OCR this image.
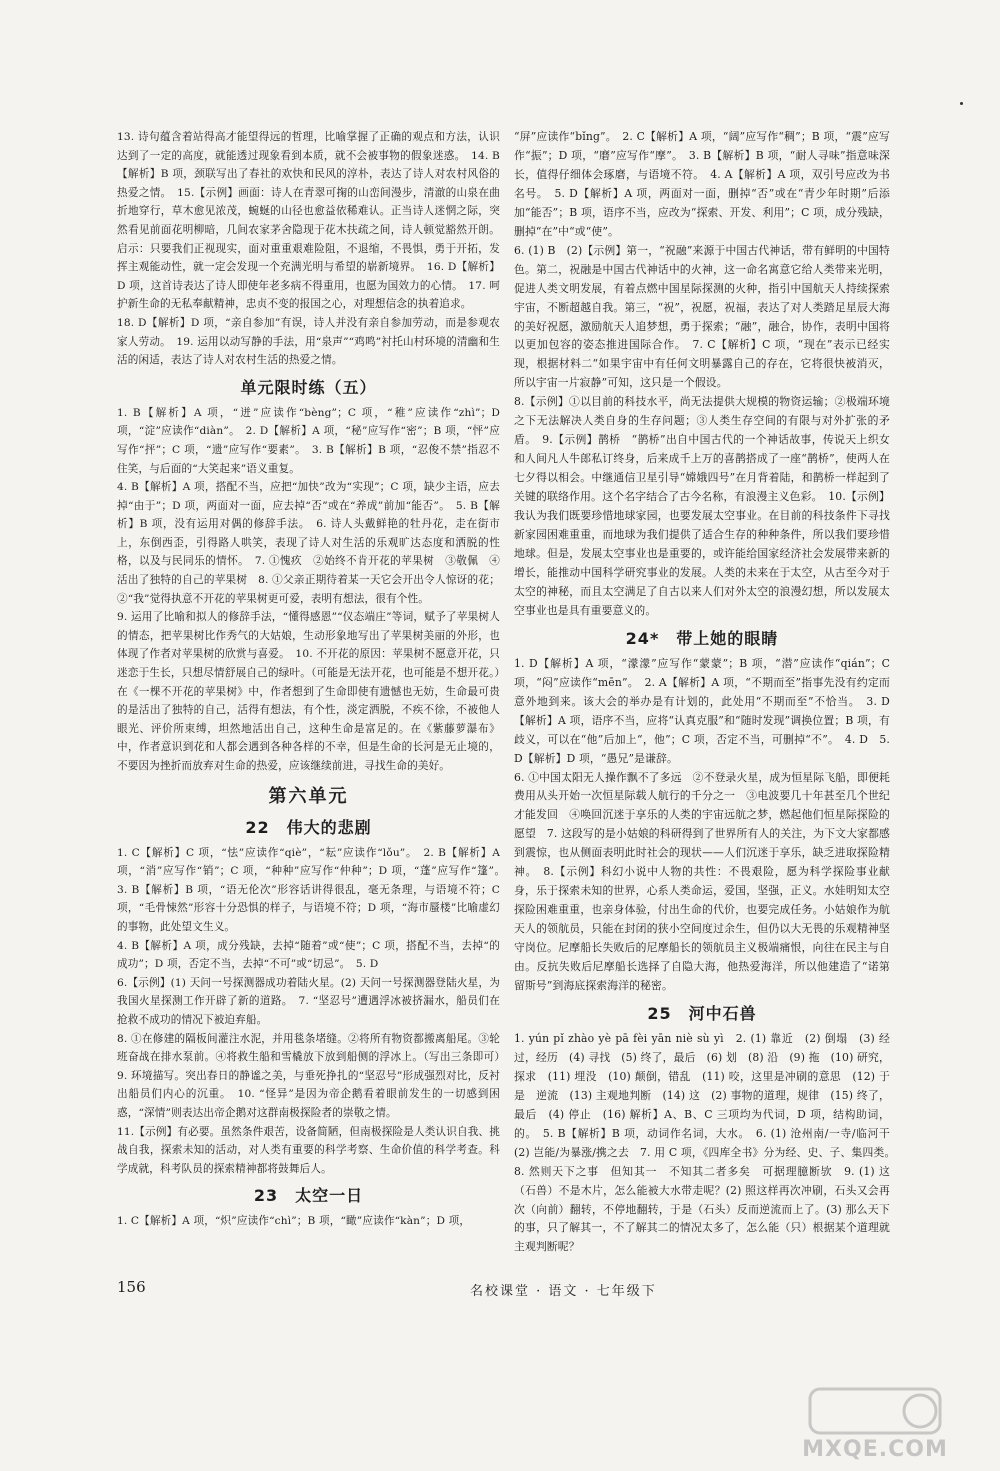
13. 诗句蕴含着站得高才能望得远的哲理，比喻掌握了正确的观点和方法，认识达到了一定的高度，就能透过现象看到本质，就不会被事物的假象迷惑。　14. B【解析】B 项，颈联写出了春社的欢快和民风的淳朴，表达了诗人对农村风俗的热爱之情。　15.【示例】画面：诗人在青翠可掬的山峦间漫步，清澈的山泉在曲折地穿行，草木愈见浓茂，蜿蜒的山径也愈益依稀难认。正当诗人迷惘之际，突然看见前面花明柳暗，几间农家茅舍隐现于花木扶疏之间，诗人顿觉豁然开朗。启示：只要我们正视现实，面对重重艰难险阻，不退缩，不畏惧，勇于开拓，发挥主观能动性，就一定会发现一个充满光明与希望的崭新境界。　16. D【解析】D 项，这首诗表达了诗人即使年老多病不得重用，也愿为国效力的心情。　17. 呵护新生命的无私奉献精神，忠贞不变的报国之心，对理想信念的执着追求。

18. D【解析】D 项，“亲自参加”有误，诗人并没有亲自参加劳动，而是参观农家人劳动。　19. 运用以动写静的手法，用“泉声”“鸡鸣”衬托山村环境的清幽和生活的闲适，表达了诗人对农村生活的热爱之情。

单元限时练（五）

1. B【解析】A 项，“迸”应读作“bèng”；C 项，“稚”应读作“zhì”；D 项，“淀”应读作“diàn”。　2. D【解析】A 项，“秘”应写作“密”；B 项，“怦”应写作“抨”；C 项，“遗”应写作“要素”。　3. B【解析】B 项，“忍俊不禁”指忍不住笑，与后面的“大笑起来”语义重复。

4. B【解析】A 项，搭配不当，应把“加快”改为“实现”；C 项，缺少主语，应去掉“由于”；D 项，两面对一面，应去掉“否”或在“养成”前加“能否”。　5. B【解析】B 项，没有运用对偶的修辞手法。　6. 诗人头戴鲜艳的牡丹花，走在街市上，东倒西歪，引得路人哄笑，表现了诗人对生活的乐观旷达态度和洒脱的性格，以及与民同乐的情怀。　7. ①愧疚　②始终不肯开花的苹果树　③敬佩　④活出了独特的自己的苹果树　8. ①父亲正期待着某一天它会开出令人惊讶的花；②“我”觉得执意不开花的苹果树更可爱，表明有想法，很有个性。

9. 运用了比喻和拟人的修辞手法，“懂得感恩”“仪态端庄”等词，赋予了苹果树人的情态，把苹果树比作秀气的大姑娘，生动形象地写出了苹果树美丽的外形，也体现了作者对苹果树的欣赏与喜爱。　10. 不开花的原因：苹果树不愿意开花，只迷恋于生长，只想尽情舒展自己的绿叶。（可能是无法开花，也可能是不想开花。）在《一棵不开花的苹果树》中，作者想到了生命即使有遗憾也无妨，生命最可贵的是活出了独特的自己，活得有想法，有个性，淡定洒脱，不疾不徐，不被他人眼光、评价所束缚，坦然地活出自己，这种生命是富足的。在《紫藤萝瀑布》中，作者意识到花和人都会遇到各种各样的不幸，但是生命的长河是无止境的，不要因为挫折而放弃对生命的热爱，应该继续前进，寻找生命的美好。

第六单元
22　伟大的悲剧

1. C【解析】C 项，“怯”应读作“qiè”，“耘”应读作“lǒu”。　2. B【解析】A 项，“消”应写作“销”；C 项，“种种”应写作“仲种”；D 项，“蓬”应写作“篷”。　3. B【解析】B 项，“语无伦次”形容话讲得很乱，毫无条理，与语境不符；C 项，“毛骨悚然”形容十分恐惧的样子，与语境不符；D 项，“海市蜃楼”比喻虚幻的事物，此处望文生义。

4. B【解析】A 项，成分残缺，去掉“随着”或“使”；C 项，搭配不当，去掉“的成功”；D 项，否定不当，去掉“不可”或“切忌”。　5. D

6.【示例】(1) 天问一号探测器成功着陆火星。(2) 天问一号探测器登陆火星，为我国火星探测工作开辟了新的道路。　7. “坚忍号”遭遇浮冰被挤漏水，船员们在抢救不成功的情况下被迫弃船。

8. ①在修建的隔板间灌注水泥，并用毯条堵缝。②将所有物资都搬离船尾。③轮班奋战在排水泵前。④将救生船和雪橇放下放到船侧的浮冰上。（写出三条即可）　9. 环境描写。突出春日的静谧之美，与垂死挣扎的“坚忍号”形成强烈对比，反衬出船员们内心的沉重。　10. “怪异”是因为帝企鹅看着眼前发生的一切感到困惑，“深情”则表达出帝企鹅对这群南极探险者的崇敬之情。

11.【示例】有必要。虽然条件艰苦，设备简陋，但南极探险是人类认识自我、挑战自我，探索未知的活动，对人类有重要的科学考察、生命价值的科学考查。科学成就，科考队员的探索精神都将鼓舞后人。

23　太空一日

1. C【解析】A 项，“炽”应读作“chì”；B 项，“瞰”应读作“kàn”；D 项，

“屏”应读作“bǐng”。　2. C【解析】A 项，“阔”应写作“稠”；B 项，“震”应写作“振”；D 项，“磨”应写作“摩”。　3. B【解析】B 项，“耐人寻味”指意味深长，值得仔细体会琢磨，与语境不符。　4. A【解析】A 项，双引号应改为书名号。　5. D【解析】A 项，两面对一面，删掉“否”或在“青少年时期”后添加“能否”；B 项，语序不当，应改为“探索、开发、利用”；C 项，成分残缺，删掉“在”中“或“使”。

6. (1) B　(2)【示例】第一，“祝融”来源于中国古代神话，带有鲜明的中国特色。第二，祝融是中国古代神话中的火神，这一命名寓意它给人类带来光明，促进人类文明发展，有着点燃中国星际探测的火种，指引中国航天人持续探索宇宙，不断超越自我。第三，“祝”，祝愿，祝福，表达了对人类踏足星辰大海的美好祝愿，激励航天人追梦想，勇于探索；“融”，融合，协作，表明中国将以更加包容的姿态推进国际合作。　7. C【解析】C 项，“现在”表示已经实现，根据材料二“如果宇宙中有任何文明暴露自己的存在，它将很快被消灭，所以宇宙一片寂静”可知，这只是一个假设。

8.【示例】①以目前的科技水平，尚无法提供大规模的物资运输；②极端环境之下无法解决人类自身的生存问题；③人类生存空间的有限与对外扩张的矛盾。　9.【示例】鹊桥　“鹊桥”出自中国古代的一个神话故事，传说天上织女和人间凡人牛郎私订终身，后来成千上万的喜鹊搭成了一座“鹊桥”，使两人在七夕得以相会。中继通信卫星引导“嫦娥四号”在月背着陆，和鹊桥一样起到了关键的联络作用。这个名字结合了古今名称，有浪漫主义色彩。　10.【示例】我认为我们既要珍惜地球家园，也要发展太空事业。在目前的科技条件下寻找新家园困难重重，而地球为我们提供了适合生存的种种条件，所以我们要珍惜地球。但是，发展太空事业也是重要的，或许能给国家经济社会发展带来新的增长，能推动中国科学研究事业的发展。人类的未来在于太空，从古至今对于太空的神秘，而且太空满足了自古以来人们对外太空的浪漫幻想，所以发展太空事业也是具有重要意义的。

24*　带上她的眼睛

1. D【解析】A 项，“濛濛”应写作“蒙蒙”；B 项，“潜”应读作“qián”；C 项，“闷”应读作“mēn”。　2. A【解析】A 项，“不期而至”指事先没有约定而意外地到来。该大会的举办是有计划的，此处用“不期而至”不恰当。　3. D【解析】A 项，语序不当，应将“认真克服”和“随时发现”调换位置；B 项，有歧义，可以在“他”后加上“，他”；C 项，否定不当，可删掉“不”。　4. D　5. D【解析】D 项，“愚兄”是谦辞。

6. ①中国太阳无人操作飘不了多远　②不登录火星，成为恒星际飞船，即便耗费用从头开始一次恒星际载人航行的千分之一　③电波要几十年甚至几个世纪才能发回　④唤回沉迷于享乐的人类的宇宙远航之梦，燃起他们恒星际探险的愿望　7. 这段写的是小姑娘的科研得到了世界所有人的关注，为下文大家都感到震惊，也从侧面表明此时社会的现状——人们沉迷于享乐，缺乏进取探险精神。　8.【示例】科幻小说中人物的共性：不畏艰险，愿为科学探险事业献身，乐于探索未知的世界，心系人类命运，爱国，坚强，正义。水娃明知太空探险困难重重，也亲身体验，付出生命的代价，也要完成任务。小姑娘作为航天人的领航员，只能在封闭的狭小空间度过余生，但仍以大无畏的乐观精神坚守岗位。尼摩船长失败后的尼摩船长的领航员主义极端痛恨，向往在民主与自由。反抗失败后尼摩船长选择了自隐大海，他热爱海洋，所以他建造了“诺第留斯号”到海底探索海洋的秘密。

25　河中石兽

1. yún pǐ zhào yè pā fèi yān niè sù yì　2. (1) 靠近　(2) 倒塌　(3) 经过，经历　(4) 寻找　(5) 终了，最后　(6) 划　(8) 沿　(9) 拖　(10) 研究，探求　(11) 埋没　(10) 颠倒，错乱　(11) 咬，这里是冲刷的意思　(12) 于是　逆流　(13) 主观地判断　(14) 这　(2) 事物的道理，规律　(15) 终了，最后　(4) 停止　(16) 解析】A、B、C 三项均为代词，D 项，结构助词，的。　5. B【解析】B 项，动词作名词，大水。　6. (1) 沧州南/一寺/临河干　(2) 岂能/为暴涨/携之去　7. 用 C 项，《四库全书》分为经、史、子、集四类。　8. 然则天下之事　但知其一　不知其二者多矣　可据理臆断欤　9. (1) 这（石兽）不是木片，怎么能被大水带走呢？(2) 照这样再次冲刷，石头又会再次（向前）翻转，不停地翻转，于是（石头）反而逆流而上了。(3) 那么天下的事，只了解其一，不了解其二的情况太多了，怎么能（只）根据某个道理就主观判断呢？

156	名校课堂 · 语文 · 七年级下
MXQE.COM
